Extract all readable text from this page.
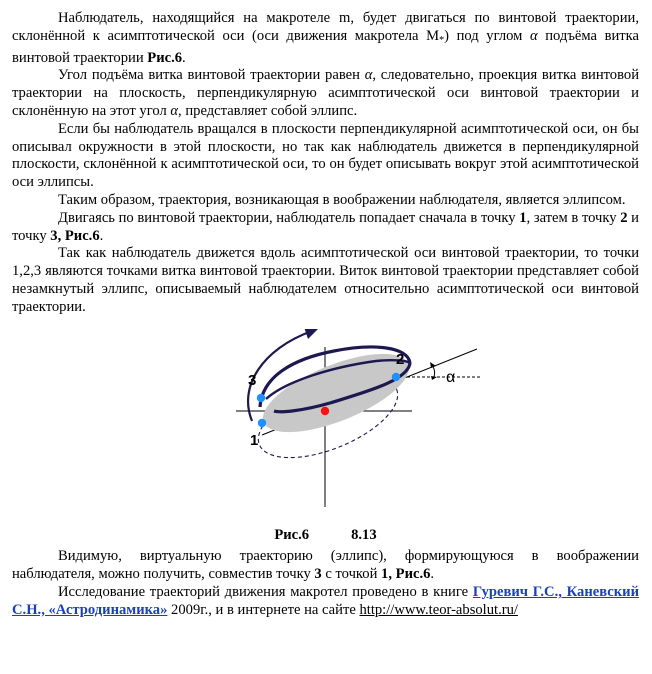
Наблюдатель, находящийся на макротеле m, будет двигаться по винтовой траектории, склонённой к асимптотической оси (оси движения макротела $M_*$) под углом α подъёма витка винтовой траектории Рис.6.

Угол подъёма витка винтовой траектории равен α, следовательно, проекция витка винтовой траектории на плоскость, перпендикулярную асимптотической оси винтовой траектории и склонённую на этот угол α, представляет собой эллипс.

Если бы наблюдатель вращался в плоскости перпендикулярной асимптотической оси, он бы описывал окружности в этой плоскости, но так как наблюдатель движется в перпендикулярной плоскости, склонённой к асимптотической оси, то он будет описывать вокруг этой асимптотической оси эллипсы.

Таким образом, траектория, возникающая в воображении наблюдателя, является эллипсом.

Двигаясь по винтовой траектории, наблюдатель попадает сначала в точку 1, затем в точку 2 и точку 3, Рис.6.

Так как наблюдатель движется вдоль асимптотической оси винтовой траектории, то точки 1,2,3 являются точками витка винтовой траектории. Виток винтовой траектории представляет собой незамкнутый эллипс, описываемый наблюдателем относительно асимптотической оси винтовой траектории.

3
1
2
α

Рис.6	8.13

Видимую, виртуальную траекторию (эллипс), формирующуюся в воображении наблюдателя, можно получить, совместив точку 3 с точкой 1, Рис.6.

Исследование траекторий движения макротел проведено в книге Гуревич Г.С., Каневский С.Н., «Астродинамика» 2009г., и в интернете на сайте http://www.teor-absolut.ru/
